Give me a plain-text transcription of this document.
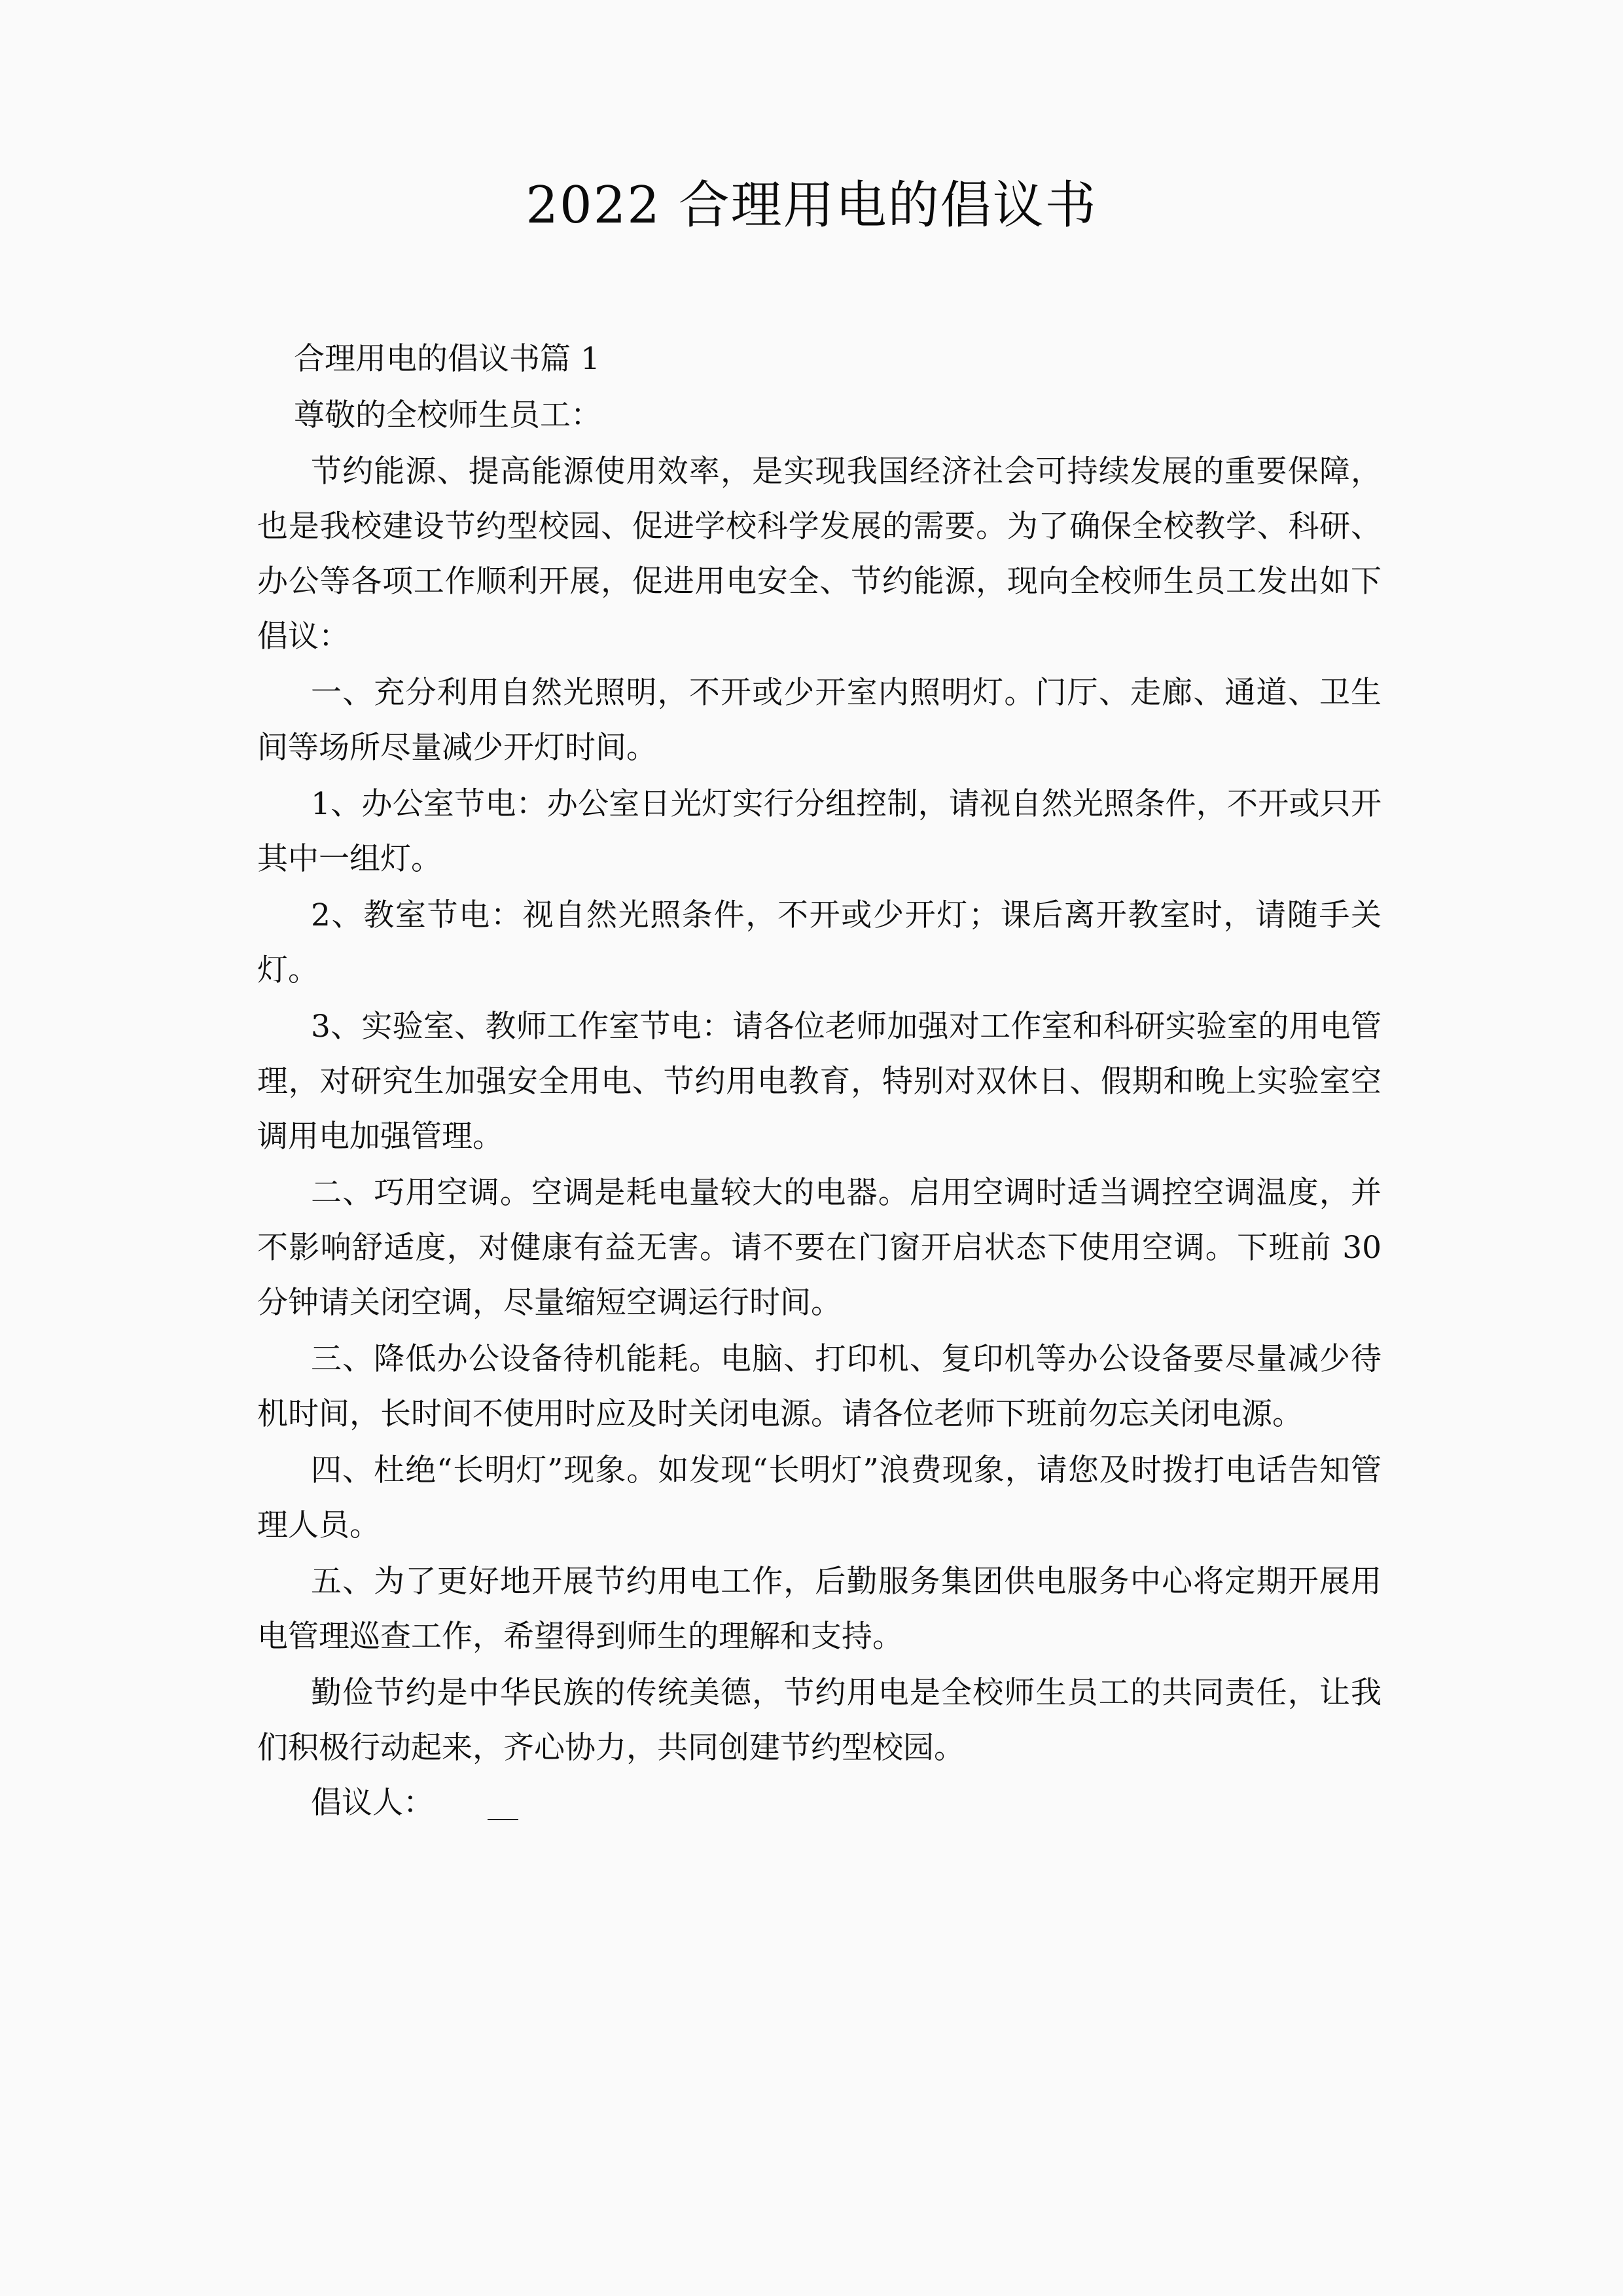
2022 合理用电的倡议书

合理用电的倡议书篇 1

尊敬的全校师生员工：

节约能源、提高能源使用效率，是实现我国经济社会可持续发展的重要保障，也是我校建设节约型校园、促进学校科学发展的需要。为了确保全校教学、科研、办公等各项工作顺利开展，促进用电安全、节约能源，现向全校师生员工发出如下倡议：

一、充分利用自然光照明，不开或少开室内照明灯。门厅、走廊、通道、卫生间等场所尽量减少开灯时间。

1、办公室节电：办公室日光灯实行分组控制，请视自然光照条件，不开或只开其中一组灯。

2、教室节电：视自然光照条件，不开或少开灯；课后离开教室时，请随手关灯。

3、实验室、教师工作室节电：请各位老师加强对工作室和科研实验室的用电管理，对研究生加强安全用电、节约用电教育，特别对双休日、假期和晚上实验室空调用电加强管理。

二、巧用空调。空调是耗电量较大的电器。启用空调时适当调控空调温度，并不影响舒适度，对健康有益无害。请不要在门窗开启状态下使用空调。下班前 30 分钟请关闭空调，尽量缩短空调运行时间。

三、降低办公设备待机能耗。电脑、打印机、复印机等办公设备要尽量减少待机时间，长时间不使用时应及时关闭电源。请各位老师下班前勿忘关闭电源。

四、杜绝“长明灯”现象。如发现“长明灯”浪费现象，请您及时拨打电话告知管理人员。

五、为了更好地开展节约用电工作，后勤服务集团供电服务中心将定期开展用电管理巡查工作，希望得到师生的理解和支持。

勤俭节约是中华民族的传统美德，节约用电是全校师生员工的共同责任，让我们积极行动起来，齐心协力，共同创建节约型校园。

倡议人： __
